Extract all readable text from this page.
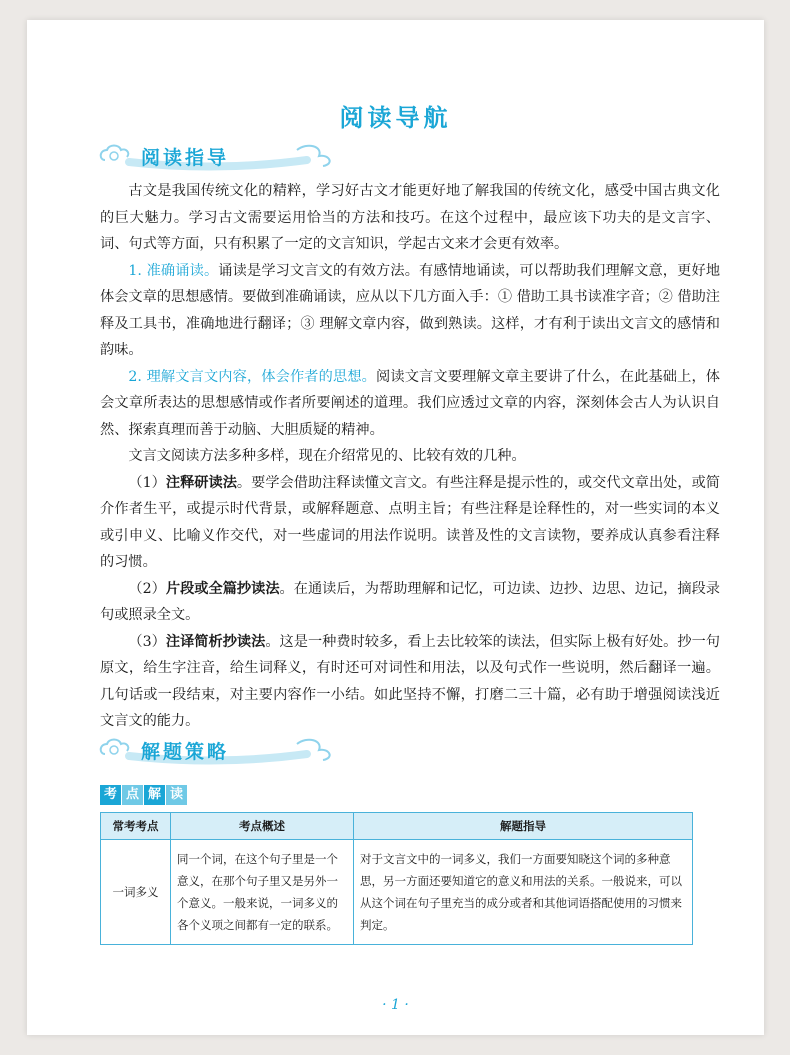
阅读导航
阅读指导

古文是我国传统文化的精粹，学习好古文才能更好地了解我国的传统文化，感受中国古典文化的巨大魅力。学习古文需要运用恰当的方法和技巧。在这个过程中，最应该下功夫的是文言字、词、句式等方面，只有积累了一定的文言知识，学起古文来才会更有效率。

1. 准确诵读。诵读是学习文言文的有效方法。有感情地诵读，可以帮助我们理解文意，更好地体会文章的思想感情。要做到准确诵读，应从以下几方面入手：① 借助工具书读准字音；② 借助注释及工具书，准确地进行翻译；③ 理解文章内容，做到熟读。这样，才有利于读出文言文的感情和韵味。

2. 理解文言文内容，体会作者的思想。阅读文言文要理解文章主要讲了什么，在此基础上，体会文章所表达的思想感情或作者所要阐述的道理。我们应透过文章的内容，深刻体会古人为认识自然、探索真理而善于动脑、大胆质疑的精神。

文言文阅读方法多种多样，现在介绍常见的、比较有效的几种。

（1）注释研读法。要学会借助注释读懂文言文。有些注释是提示性的，或交代文章出处，或简介作者生平，或提示时代背景，或解释题意、点明主旨；有些注释是诠释性的，对一些实词的本义或引申义、比喻义作交代，对一些虚词的用法作说明。读普及性的文言读物，要养成认真参看注释的习惯。

（2）片段或全篇抄读法。在通读后，为帮助理解和记忆，可边读、边抄、边思、边记，摘段录句或照录全文。

（3）注译简析抄读法。这是一种费时较多，看上去比较笨的读法，但实际上极有好处。抄一句原文，给生字注音，给生词释义，有时还可对词性和用法，以及句式作一些说明，然后翻译一遍。几句话或一段结束，对主要内容作一小结。如此坚持不懈，打磨二三十篇，必有助于增强阅读浅近文言文的能力。

解题策略
考 点 解 读
常考考点	考点概述	解题指导
一词多义	同一个词，在这个句子里是一个意义，在那个句子里又是另外一个意义。一般来说，一词多义的各个义项之间都有一定的联系。	对于文言文中的一词多义，我们一方面要知晓这个词的多种意思，另一方面还要知道它的意义和用法的关系。一般说来，可以从这个词在句子里充当的成分或者和其他词语搭配使用的习惯来判定。
· 1 ·
